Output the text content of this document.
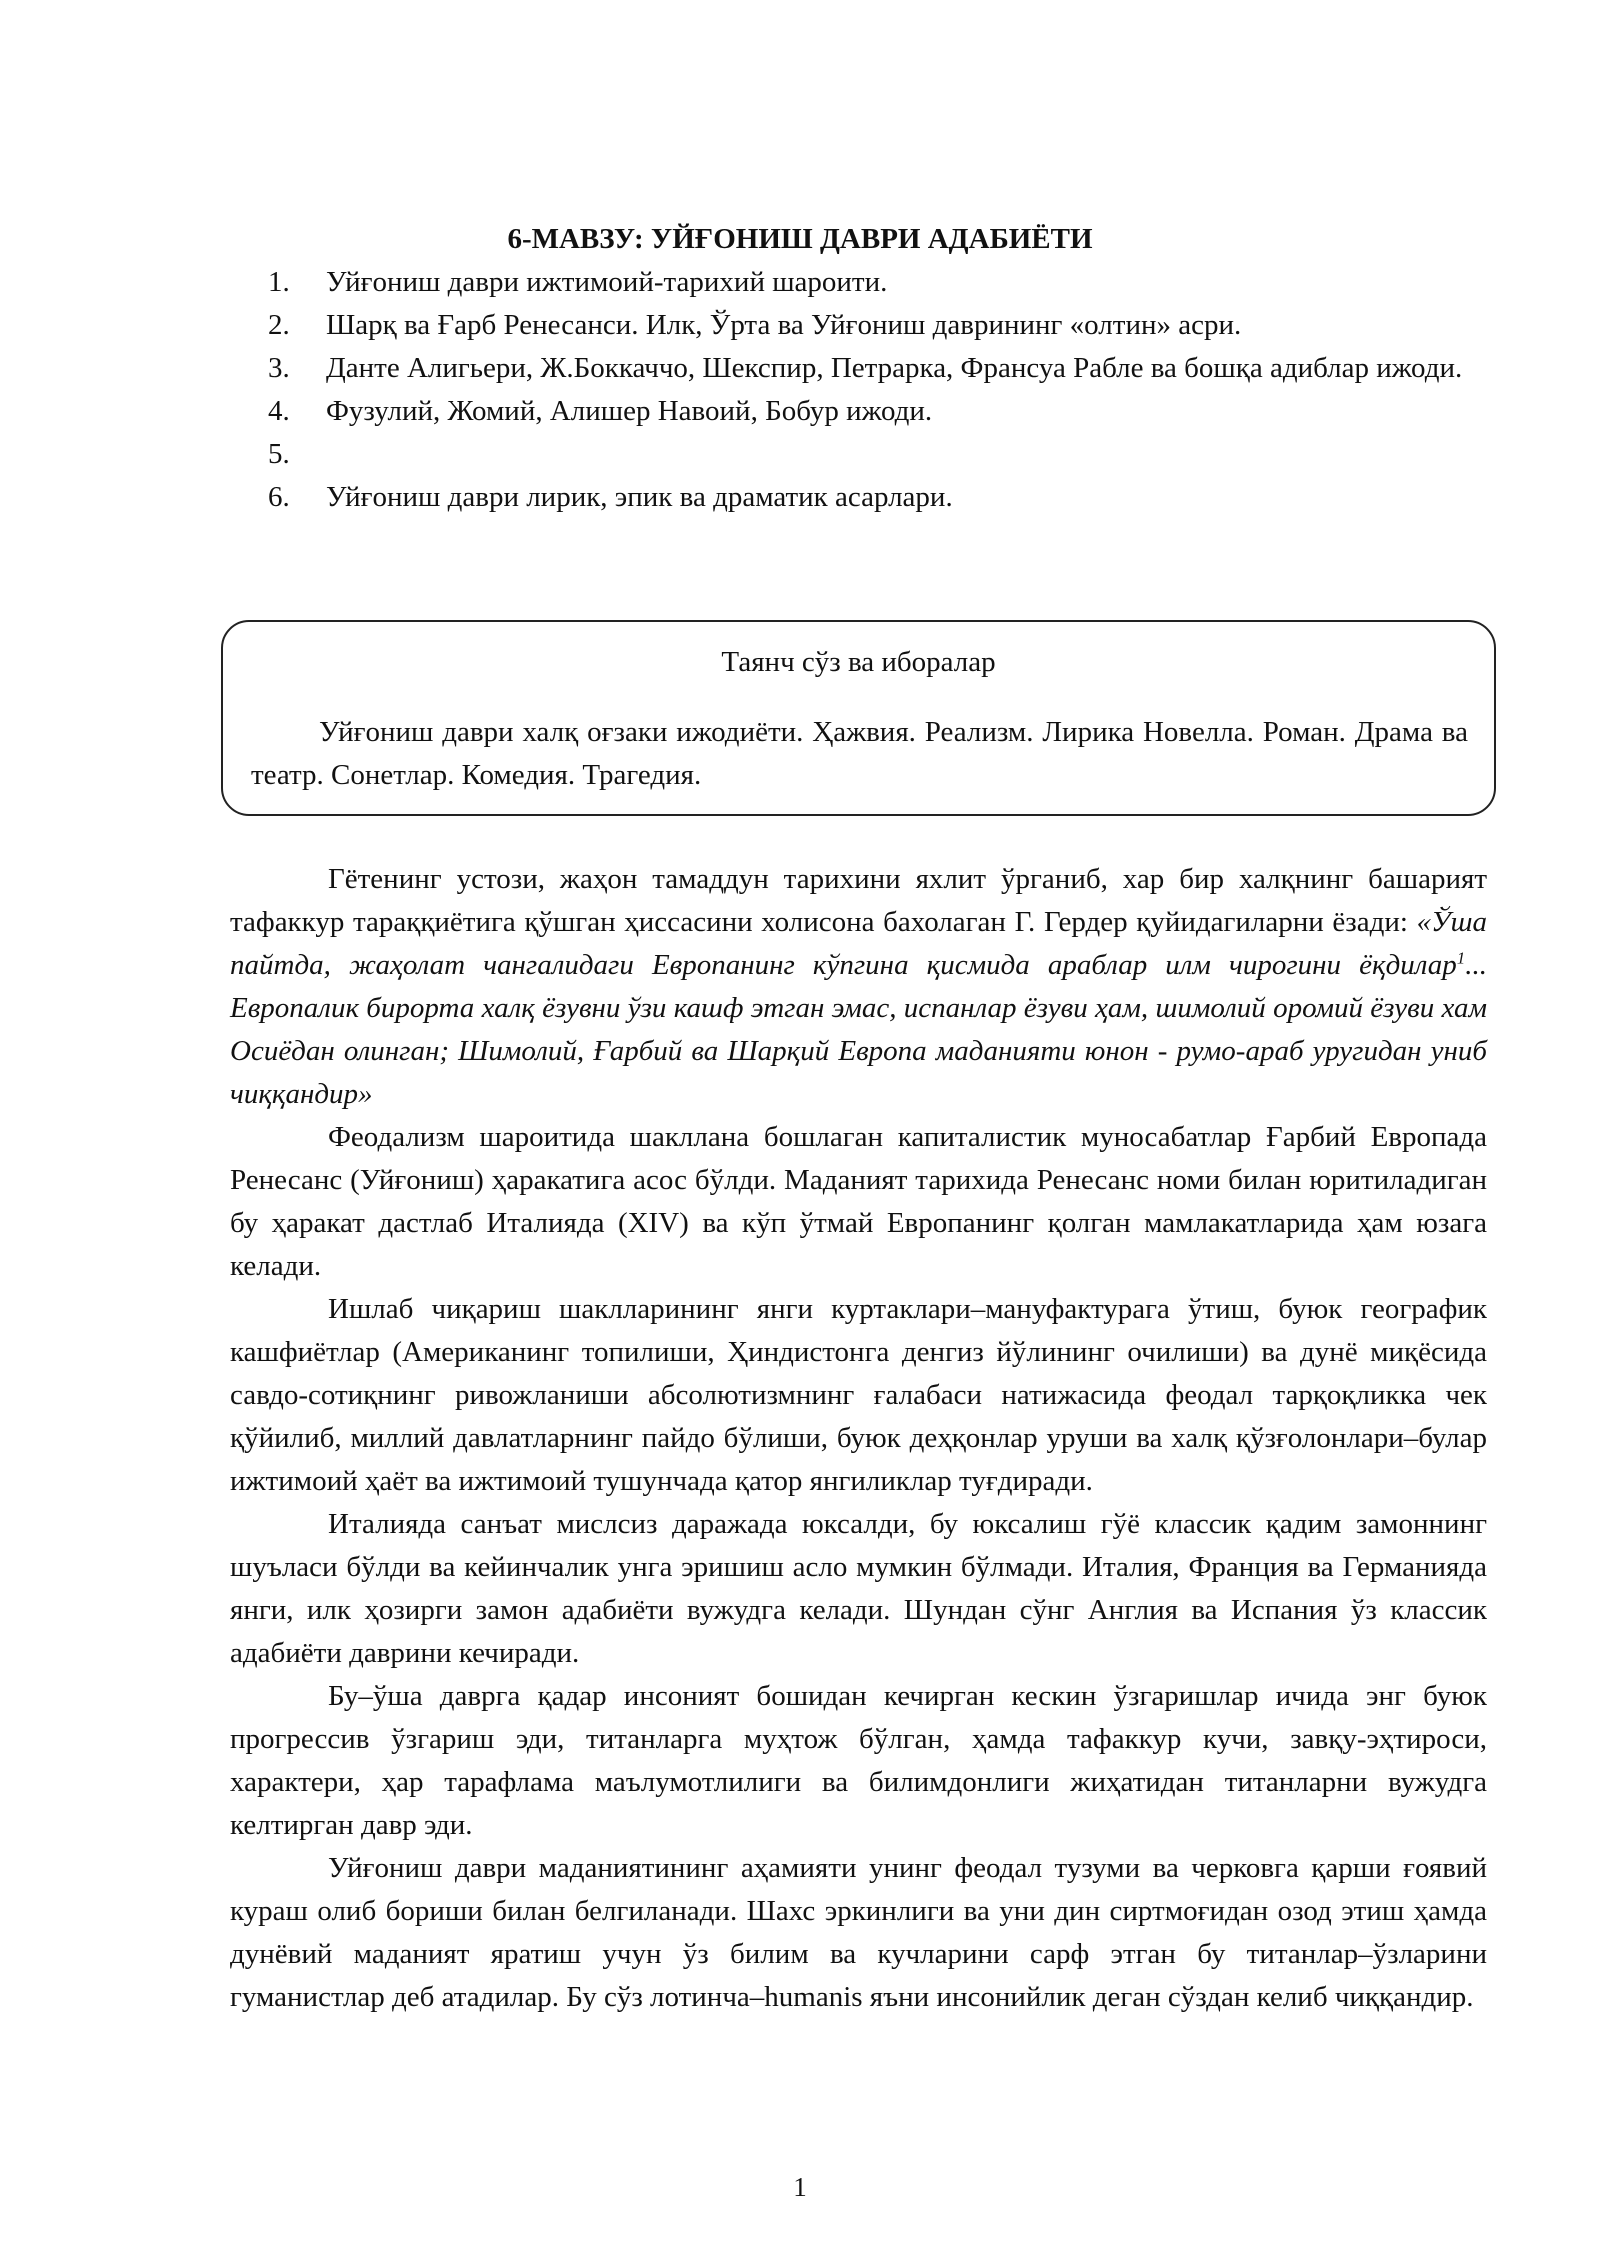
6-МАВЗУ: УЙҒОНИШ ДАВРИ АДАБИЁТИ
1. Уйғониш даври ижтимоий-тарихий шароити.
2. Шарқ ва Ғарб Ренесанси. Илк, Ўрта ва Уйғониш даврининг «олтин» асри.
3. Данте Алигьери, Ж.Боккаччо, Шекспир, Петрарка, Франсуа Рабле ва бошқа адиблар ижоди.
4. Фузулий, Жомий, Алишер Навоий, Бобур ижоди.
5.

6. Уйғониш даври лирик, эпик ва драматик асарлари.
Таянч сўз ва иборалар
Уйғониш даври халқ оғзаки ижодиёти. Ҳажвия. Реализм. Лирика Новелла. Роман. Драма ва театр. Сонетлар. Комедия. Трагедия.

Гётенинг устози, жаҳон тамаддун тарихини яхлит ўрганиб, хар бир халқнинг башарият тафаккур тараққиётига қўшган ҳиссасини холисона бахолаган Г. Гердер қуйидагиларни ёзади: «Ўша пайтда, жаҳолат чангалидаги Европанинг кўпгина қисмида араблар илм чирогини ёқдилар$^1$... Европалик бирорта халқ ёзувни ўзи кашф этган эмас, испанлар ёзуви ҳам, шимолий оромий ёзуви хам Осиёдан олинган; Шимолий, Ғарбий ва Шарқий Европа маданияти юнон - румо-араб уругидан униб чиққандир»

Феодализм шароитида шакллана бошлаган капиталистик муносабатлар Ғарбий Европада Ренесанс (Уйғониш) ҳаракатига асос бўлди. Маданият тарихида Ренесанс номи билан юритиладиган бу ҳаракат дастлаб Италияда (XIV) ва кўп ўтмай Европанинг қолган мамлакатларида ҳам юзага келади.

Ишлаб чиқариш шаклларининг янги куртаклари–мануфактурага ўтиш, буюк географик кашфиётлар (Американинг топилиши, Ҳиндистонга денгиз йўлининг очилиши) ва дунё миқёсида савдо-сотиқнинг ривожланиши абсолютизмнинг ғалабаси натижасида феодал тарқоқликка чек қўйилиб, миллий давлатларнинг пайдо бўлиши, буюк деҳқонлар уруши ва халқ қўзғолонлари–булар ижтимоий ҳаёт ва ижтимоий тушунчада қатор янгиликлар туғдиради.

Италияда санъат мислсиз даражада юксалди, бу юксалиш гўё классик қадим замоннинг шуъласи бўлди ва кейинчалик унга эришиш асло мумкин бўлмади. Италия, Франция ва Германияда янги, илк ҳозирги замон адабиёти вужудга келади. Шундан сўнг Англия ва Испания ўз классик адабиёти даврини кечиради.

Бу–ўша даврга қадар инсоният бошидан кечирган кескин ўзгаришлар ичида энг буюк прогрессив ўзгариш эди, титанларга муҳтож бўлган, ҳамда тафаккур кучи, завқу-эҳтироси, характери, ҳар тарафлама маълумотлилиги ва билимдонлиги жиҳатидан титанларни вужудга келтирган давр эди.

Уйғониш даври маданиятининг аҳамияти унинг феодал тузуми ва черковга қарши ғоявий кураш олиб бориши билан белгиланади. Шахс эркинлиги ва уни дин сиртмоғидан озод этиш ҳамда дунёвий маданият яратиш учун ўз билим ва кучларини сарф этган бу титанлар–ўзларини гуманистлар деб атадилар. Бу сўз лотинча–humanis яъни инсонийлик деган сўздан келиб чиққандир.

1
